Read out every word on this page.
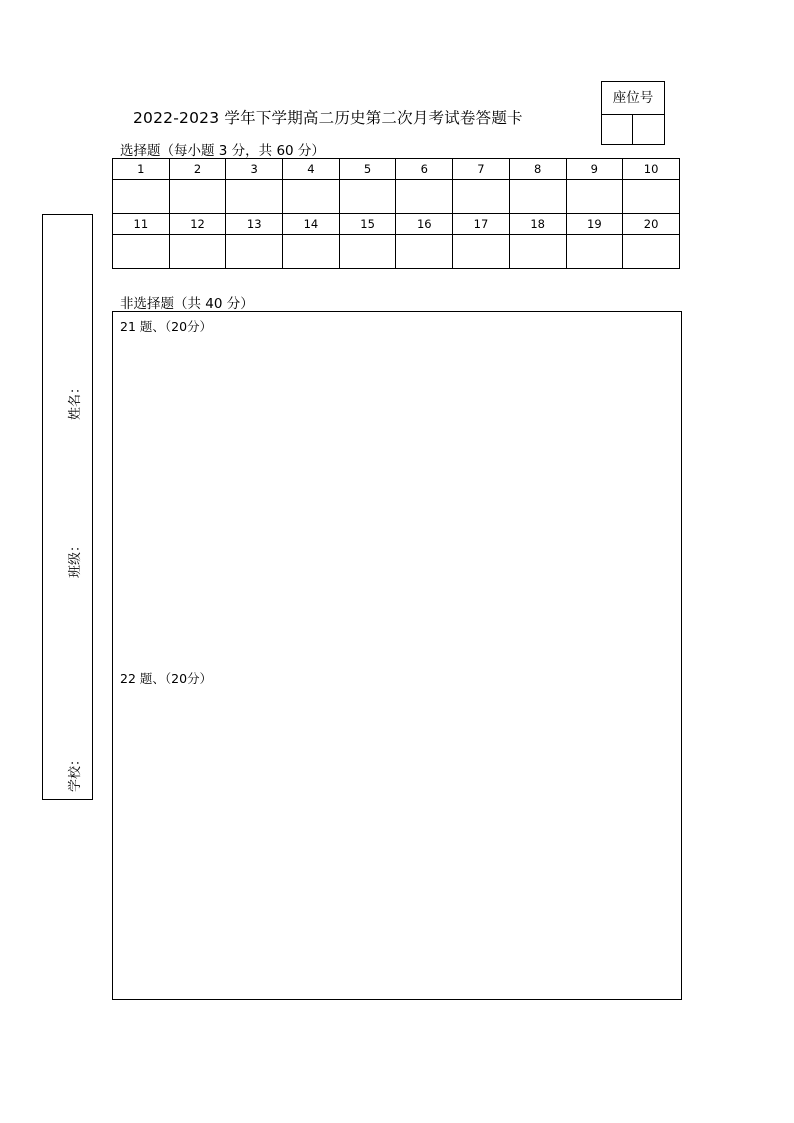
2022-2023 学年下学期高二历史第二次月考试卷答题卡
座位号
选择题（每小题 3 分，共 60 分）
1	2	3	4	5	6	7	8	9	10

11	12	13	14	15	16	17	18	19	20

姓名：
班级：
学校：
非选择题（共 40 分）
21 题、（20分）
22 题、（20分）
